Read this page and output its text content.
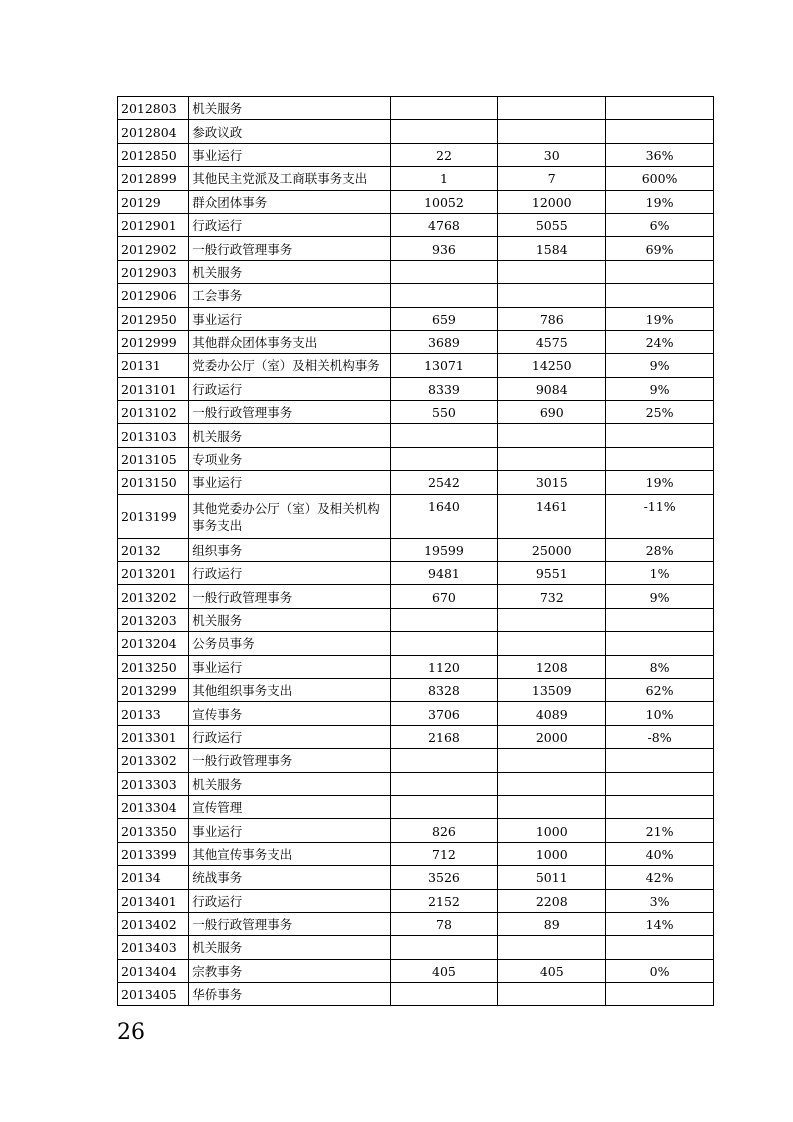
2012803	机关服务			
2012804	参政议政			
2012850	事业运行	22	30	36%
2012899	其他民主党派及工商联事务支出	1	7	600%
20129	群众团体事务	10052	12000	19%
2012901	行政运行	4768	5055	6%
2012902	一般行政管理事务	936	1584	69%
2012903	机关服务			
2012906	工会事务			
2012950	事业运行	659	786	19%
2012999	其他群众团体事务支出	3689	4575	24%
20131	党委办公厅（室）及相关机构事务	13071	14250	9%
2013101	行政运行	8339	9084	9%
2013102	一般行政管理事务	550	690	25%
2013103	机关服务			
2013105	专项业务			
2013150	事业运行	2542	3015	19%
2013199	其他党委办公厅（室）及相关机构事务支出	1640	1461	-11%
20132	组织事务	19599	25000	28%
2013201	行政运行	9481	9551	1%
2013202	一般行政管理事务	670	732	9%
2013203	机关服务			
2013204	公务员事务			
2013250	事业运行	1120	1208	8%
2013299	其他组织事务支出	8328	13509	62%
20133	宣传事务	3706	4089	10%
2013301	行政运行	2168	2000	-8%
2013302	一般行政管理事务			
2013303	机关服务			
2013304	宣传管理			
2013350	事业运行	826	1000	21%
2013399	其他宣传事务支出	712	1000	40%
20134	统战事务	3526	5011	42%
2013401	行政运行	2152	2208	3%
2013402	一般行政管理事务	78	89	14%
2013403	机关服务			
2013404	宗教事务	405	405	0%
2013405	华侨事务			
26
